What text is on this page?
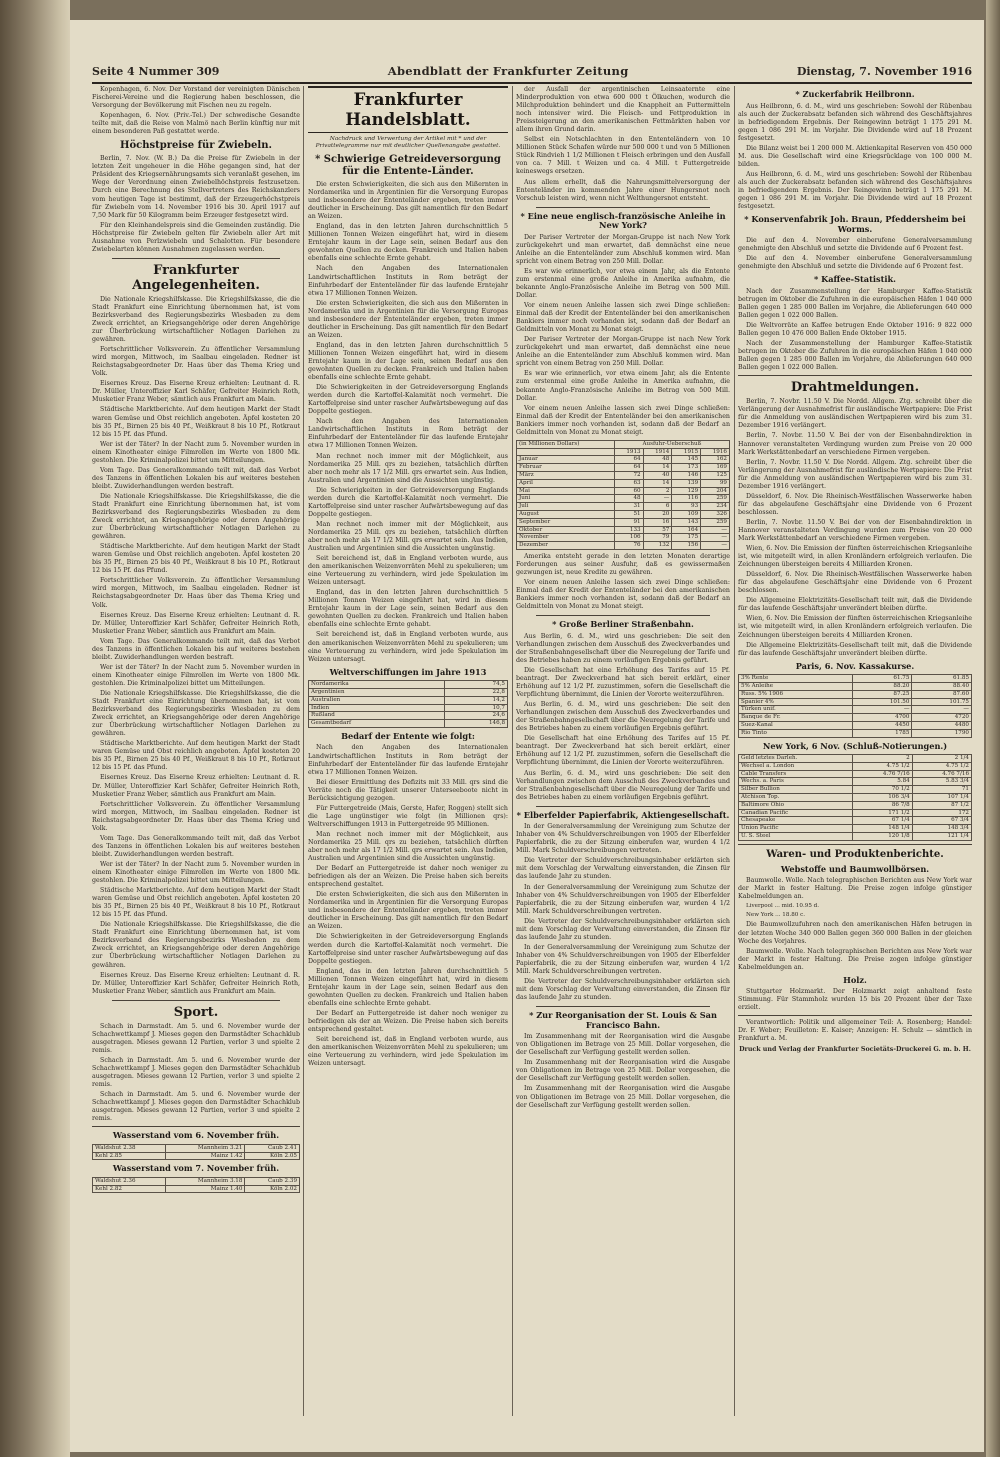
Seite 4 Nummer 309	Abendblatt der Frankfurter Zeitung	Dienstag, 7. November 1916

Kopenhagen, 6. Nov. Der Vorstand der vereinigten Dänischen Fischerei-Vereine und die Regierung haben beschlossen, die Versorgung der Bevölkerung mit Fischen neu zu regeln.

Kopenhagen, 6. Nov. (Priv.-Tel.) Der schwedische Gesandte teilte mit, daß die Reise von Malmö nach Berlin künftig nur mit einem besonderen Paß gestattet werde.

Höchstpreise für Zwiebeln.

Berlin, 7. Nov. (W. B.) Da die Preise für Zwiebeln in der letzten Zeit ungeheuer in die Höhe gegangen sind, hat der Präsident des Kriegsernährungsamts sich veranlaßt gesehen, im Wege der Verordnung einen Zwiebelhöchstpreis festzusetzen. Durch eine Berechnung des Stellvertreters des Reichskanzlers vom heutigen Tage ist bestimmt, daß der Erzeugerhöchstpreis für Zwiebeln vom 14. November 1916 bis 30. April 1917 auf 7,50 Mark für 50 Kilogramm beim Erzeuger festgesetzt wird.

Für den Kleinhandelspreis sind die Gemeinden zuständig. Die Höchstpreise für Zwiebeln gelten für Zwiebeln aller Art mit Ausnahme von Perlzwiebeln und Schalotten. Für besondere Zwiebelarten können Ausnahmen zugelassen werden.

Frankfurter Angelegenheiten.

Die Nationale Kriegshilfskasse. Die Kriegshilfskasse, die die Stadt Frankfurt eine Einrichtung übernommen hat, ist vom Bezirksverband des Regierungsbezirks Wiesbaden zu dem Zweck errichtet, an Kriegsangehörige oder deren Angehörige zur Überbrückung wirtschaftlicher Notlagen Darlehen zu gewähren.

Fortschrittlicher Volksverein. Zu öffentlicher Versammlung wird morgen, Mittwoch, im Saalbau eingeladen. Redner ist Reichstagsabgeordneter Dr. Haas über das Thema Krieg und Volk.

Eisernes Kreuz. Das Eiserne Kreuz erhielten: Leutnant d. R. Dr. Müller, Unteroffizier Karl Schäfer, Gefreiter Heinrich Roth, Musketier Franz Weber, sämtlich aus Frankfurt am Main.

Städtische Marktberichte. Auf dem heutigen Markt der Stadt waren Gemüse und Obst reichlich angeboten. Äpfel kosteten 20 bis 35 Pf., Birnen 25 bis 40 Pf., Weißkraut 8 bis 10 Pf., Rotkraut 12 bis 15 Pf. das Pfund.

Wer ist der Täter? In der Nacht zum 5. November wurden in einem Kinotheater einige Filmrollen im Werte von 1800 Mk. gestohlen. Die Kriminalpolizei bittet um Mitteilungen.

Vom Tage. Das Generalkommando teilt mit, daß das Verbot des Tanzens in öffentlichen Lokalen bis auf weiteres bestehen bleibt. Zuwiderhandlungen werden bestraft.

Die Nationale Kriegshilfskasse. Die Kriegshilfskasse, die die Stadt Frankfurt eine Einrichtung übernommen hat, ist vom Bezirksverband des Regierungsbezirks Wiesbaden zu dem Zweck errichtet, an Kriegsangehörige oder deren Angehörige zur Überbrückung wirtschaftlicher Notlagen Darlehen zu gewähren.

Städtische Marktberichte. Auf dem heutigen Markt der Stadt waren Gemüse und Obst reichlich angeboten. Äpfel kosteten 20 bis 35 Pf., Birnen 25 bis 40 Pf., Weißkraut 8 bis 10 Pf., Rotkraut 12 bis 15 Pf. das Pfund.

Fortschrittlicher Volksverein. Zu öffentlicher Versammlung wird morgen, Mittwoch, im Saalbau eingeladen. Redner ist Reichstagsabgeordneter Dr. Haas über das Thema Krieg und Volk.

Eisernes Kreuz. Das Eiserne Kreuz erhielten: Leutnant d. R. Dr. Müller, Unteroffizier Karl Schäfer, Gefreiter Heinrich Roth, Musketier Franz Weber, sämtlich aus Frankfurt am Main.

Vom Tage. Das Generalkommando teilt mit, daß das Verbot des Tanzens in öffentlichen Lokalen bis auf weiteres bestehen bleibt. Zuwiderhandlungen werden bestraft.

Wer ist der Täter? In der Nacht zum 5. November wurden in einem Kinotheater einige Filmrollen im Werte von 1800 Mk. gestohlen. Die Kriminalpolizei bittet um Mitteilungen.

Die Nationale Kriegshilfskasse. Die Kriegshilfskasse, die die Stadt Frankfurt eine Einrichtung übernommen hat, ist vom Bezirksverband des Regierungsbezirks Wiesbaden zu dem Zweck errichtet, an Kriegsangehörige oder deren Angehörige zur Überbrückung wirtschaftlicher Notlagen Darlehen zu gewähren.

Städtische Marktberichte. Auf dem heutigen Markt der Stadt waren Gemüse und Obst reichlich angeboten. Äpfel kosteten 20 bis 35 Pf., Birnen 25 bis 40 Pf., Weißkraut 8 bis 10 Pf., Rotkraut 12 bis 15 Pf. das Pfund.

Eisernes Kreuz. Das Eiserne Kreuz erhielten: Leutnant d. R. Dr. Müller, Unteroffizier Karl Schäfer, Gefreiter Heinrich Roth, Musketier Franz Weber, sämtlich aus Frankfurt am Main.

Fortschrittlicher Volksverein. Zu öffentlicher Versammlung wird morgen, Mittwoch, im Saalbau eingeladen. Redner ist Reichstagsabgeordneter Dr. Haas über das Thema Krieg und Volk.

Vom Tage. Das Generalkommando teilt mit, daß das Verbot des Tanzens in öffentlichen Lokalen bis auf weiteres bestehen bleibt. Zuwiderhandlungen werden bestraft.

Wer ist der Täter? In der Nacht zum 5. November wurden in einem Kinotheater einige Filmrollen im Werte von 1800 Mk. gestohlen. Die Kriminalpolizei bittet um Mitteilungen.

Städtische Marktberichte. Auf dem heutigen Markt der Stadt waren Gemüse und Obst reichlich angeboten. Äpfel kosteten 20 bis 35 Pf., Birnen 25 bis 40 Pf., Weißkraut 8 bis 10 Pf., Rotkraut 12 bis 15 Pf. das Pfund.

Die Nationale Kriegshilfskasse. Die Kriegshilfskasse, die die Stadt Frankfurt eine Einrichtung übernommen hat, ist vom Bezirksverband des Regierungsbezirks Wiesbaden zu dem Zweck errichtet, an Kriegsangehörige oder deren Angehörige zur Überbrückung wirtschaftlicher Notlagen Darlehen zu gewähren.

Eisernes Kreuz. Das Eiserne Kreuz erhielten: Leutnant d. R. Dr. Müller, Unteroffizier Karl Schäfer, Gefreiter Heinrich Roth, Musketier Franz Weber, sämtlich aus Frankfurt am Main.

Sport.

Schach in Darmstadt. Am 5. und 6. November wurde der Schachwettkampf J. Mieses gegen den Darmstädter Schachklub ausgetragen. Mieses gewann 12 Partien, verlor 3 und spielte 2 remis.

Schach in Darmstadt. Am 5. und 6. November wurde der Schachwettkampf J. Mieses gegen den Darmstädter Schachklub ausgetragen. Mieses gewann 12 Partien, verlor 3 und spielte 2 remis.

Schach in Darmstadt. Am 5. und 6. November wurde der Schachwettkampf J. Mieses gegen den Darmstädter Schachklub ausgetragen. Mieses gewann 12 Partien, verlor 3 und spielte 2 remis.

Wasserstand vom 6. November früh.
Waldshut 2.38	Mannheim 3.21	Caub 2.41
Kehl 2.85	Mainz 1.42	Köln 2.05
Wasserstand vom 7. November früh.
Waldshut 2.36	Mannheim 3.18	Caub 2.39
Kehl 2.82	Mainz 1.40	Köln 2.02
Frankfurter Handelsblatt.
Nachdruck und Verwertung der Artikel mit * und der Privattelegramme nur mit deutlicher Quellenangabe gestattet.
* Schwierige Getreideversorgung für die Entente-Länder.

Die ersten Schwierigkeiten, die sich aus den Mißernten in Nordamerika und in Argentinien für die Versorgung Europas und insbesondere der Ententeländer ergeben, treten immer deutlicher in Erscheinung. Das gilt namentlich für den Bedarf an Weizen.

England, das in den letzten Jahren durchschnittlich 5 Millionen Tonnen Weizen eingeführt hat, wird in diesem Erntejahr kaum in der Lage sein, seinen Bedarf aus den gewohnten Quellen zu decken. Frankreich und Italien haben ebenfalls eine schlechte Ernte gehabt.

Nach den Angaben des Internationalen Landwirtschaftlichen Instituts in Rom beträgt der Einfuhrbedarf der Ententeländer für das laufende Erntejahr etwa 17 Millionen Tonnen Weizen.

Die ersten Schwierigkeiten, die sich aus den Mißernten in Nordamerika und in Argentinien für die Versorgung Europas und insbesondere der Ententeländer ergeben, treten immer deutlicher in Erscheinung. Das gilt namentlich für den Bedarf an Weizen.

England, das in den letzten Jahren durchschnittlich 5 Millionen Tonnen Weizen eingeführt hat, wird in diesem Erntejahr kaum in der Lage sein, seinen Bedarf aus den gewohnten Quellen zu decken. Frankreich und Italien haben ebenfalls eine schlechte Ernte gehabt.

Die Schwierigkeiten in der Getreideversorgung Englands werden durch die Kartoffel-Kalamität noch vermehrt. Die Kartoffelpreise sind unter rascher Aufwärtsbewegung auf das Doppelte gestiegen.

Nach den Angaben des Internationalen Landwirtschaftlichen Instituts in Rom beträgt der Einfuhrbedarf der Ententeländer für das laufende Erntejahr etwa 17 Millionen Tonnen Weizen.

Man rechnet noch immer mit der Möglichkeit, aus Nordamerika 25 Mill. qrs zu beziehen, tatsächlich dürften aber noch mehr als 17 1/2 Mill. qrs erwartet sein. Aus Indien, Australien und Argentinien sind die Aussichten ungünstig.

Die Schwierigkeiten in der Getreideversorgung Englands werden durch die Kartoffel-Kalamität noch vermehrt. Die Kartoffelpreise sind unter rascher Aufwärtsbewegung auf das Doppelte gestiegen.

Man rechnet noch immer mit der Möglichkeit, aus Nordamerika 25 Mill. qrs zu beziehen, tatsächlich dürften aber noch mehr als 17 1/2 Mill. qrs erwartet sein. Aus Indien, Australien und Argentinien sind die Aussichten ungünstig.

Seit bereichend ist, daß in England verboten wurde, aus den amerikanischen Weizenvorräten Mehl zu spekulieren; um eine Verteuerung zu verhindern, wird jede Spekulation im Weizen untersagt.

England, das in den letzten Jahren durchschnittlich 5 Millionen Tonnen Weizen eingeführt hat, wird in diesem Erntejahr kaum in der Lage sein, seinen Bedarf aus den gewohnten Quellen zu decken. Frankreich und Italien haben ebenfalls eine schlechte Ernte gehabt.

Seit bereichend ist, daß in England verboten wurde, aus den amerikanischen Weizenvorräten Mehl zu spekulieren; um eine Verteuerung zu verhindern, wird jede Spekulation im Weizen untersagt.

Weltverschiffungen im Jahre 1913
Nordamerika	74,5
Argentinien	22,8
Australien	14,2
Indien	10,7
Rußland	24,6
Gesamtbedarf	146,8
Bedarf der Entente wie folgt:

Nach den Angaben des Internationalen Landwirtschaftlichen Instituts in Rom beträgt der Einfuhrbedarf der Ententeländer für das laufende Erntejahr etwa 17 Millionen Tonnen Weizen.

Bei dieser Ermittlung des Defizits mit 33 Mill. qrs sind die Vorräte noch die Tätigkeit unserer Unterseeboote nicht in Berücksichtigung gezogen.

Für Futtergetreide (Mais, Gerste, Hafer, Roggen) stellt sich die Lage ungünstiger wie folgt (in Millionen qrs): Weltverschiffungen 1913 in Futtergetreide 95 Millionen.

Man rechnet noch immer mit der Möglichkeit, aus Nordamerika 25 Mill. qrs zu beziehen, tatsächlich dürften aber noch mehr als 17 1/2 Mill. qrs erwartet sein. Aus Indien, Australien und Argentinien sind die Aussichten ungünstig.

Der Bedarf an Futtergetreide ist daher noch weniger zu befriedigen als der an Weizen. Die Preise haben sich bereits entsprechend gestaltet.

Die ersten Schwierigkeiten, die sich aus den Mißernten in Nordamerika und in Argentinien für die Versorgung Europas und insbesondere der Ententeländer ergeben, treten immer deutlicher in Erscheinung. Das gilt namentlich für den Bedarf an Weizen.

Die Schwierigkeiten in der Getreideversorgung Englands werden durch die Kartoffel-Kalamität noch vermehrt. Die Kartoffelpreise sind unter rascher Aufwärtsbewegung auf das Doppelte gestiegen.

England, das in den letzten Jahren durchschnittlich 5 Millionen Tonnen Weizen eingeführt hat, wird in diesem Erntejahr kaum in der Lage sein, seinen Bedarf aus den gewohnten Quellen zu decken. Frankreich und Italien haben ebenfalls eine schlechte Ernte gehabt.

Der Bedarf an Futtergetreide ist daher noch weniger zu befriedigen als der an Weizen. Die Preise haben sich bereits entsprechend gestaltet.

Seit bereichend ist, daß in England verboten wurde, aus den amerikanischen Weizenvorräten Mehl zu spekulieren; um eine Verteuerung zu verhindern, wird jede Spekulation im Weizen untersagt.

der Ausfall der argentinischen Leinsaaternte eine Minderproduktion von etwa 600 000 t Ölkuchen, wodurch die Milchproduktion behindert und die Knappheit an Futtermitteln noch intensiver wird. Die Fleisch- und Fettproduktion in Preissteigerung an den amerikanischen Fettmärkten haben vor allem ihren Grund darin.

Selbst ein Notschlachten in den Ententeländern von 10 Millionen Stück Schafen würde nur 500 000 t und von 5 Millionen Stück Rindvieh 1 1/2 Millionen t Fleisch erbringen und den Ausfall von ca. 7 Mill. t Weizen und ca. 4 Mill. t Futtergetreide keineswegs ersetzen.

Aus allem erhellt, daß die Nahrungsmittelversorgung der Ententeländer im kommenden Jahre einer Hungersnot noch Vorschub leisten wird, wenn nicht Welthungersnot entsteht.

* Eine neue englisch-französische Anleihe in New York?

Der Pariser Vertreter der Morgan-Gruppe ist nach New York zurückgekehrt und man erwartet, daß demnächst eine neue Anleihe an die Ententeländer zum Abschluß kommen wird. Man spricht von einem Betrag von 250 Mill. Dollar.

Es war wie erinnerlich, vor etwa einem Jahr, als die Entente zum erstenmal eine große Anleihe in Amerika aufnahm, die bekannte Anglo-Französische Anleihe im Betrag von 500 Mill. Dollar.

Vor einem neuen Anleihe lassen sich zwei Dinge schließen: Einmal daß der Kredit der Ententeländer bei den amerikanischen Bankiers immer noch vorhanden ist, sodann daß der Bedarf an Geldmitteln von Monat zu Monat steigt.

Der Pariser Vertreter der Morgan-Gruppe ist nach New York zurückgekehrt und man erwartet, daß demnächst eine neue Anleihe an die Ententeländer zum Abschluß kommen wird. Man spricht von einem Betrag von 250 Mill. Dollar.

Es war wie erinnerlich, vor etwa einem Jahr, als die Entente zum erstenmal eine große Anleihe in Amerika aufnahm, die bekannte Anglo-Französische Anleihe im Betrag von 500 Mill. Dollar.

Vor einem neuen Anleihe lassen sich zwei Dinge schließen: Einmal daß der Kredit der Ententeländer bei den amerikanischen Bankiers immer noch vorhanden ist, sodann daß der Bedarf an Geldmitteln von Monat zu Monat steigt.

(in Millionen Dollars)	Ausfuhr-Ueberschuß			
	1913	1914	1915	1916
Januar	64	48	145	162
Februar	64	14	173	169
März	72	40	146	125
April	63	14	139	99
Mai	60	2	129	204
Juni	48	—	116	259
Juli	31	6	93	234
August	51	20	109	326
September	91	16	143	259
Oktober	133	57	164	—
November	106	79	175	—
Dezember	76	132	156	—

Amerika entsteht gerade in den letzten Monaten derartige Forderungen aus seiner Ausfuhr, daß es gewissermaßen gezwungen ist, neue Kredite zu gewähren.

Vor einem neuen Anleihe lassen sich zwei Dinge schließen: Einmal daß der Kredit der Ententeländer bei den amerikanischen Bankiers immer noch vorhanden ist, sodann daß der Bedarf an Geldmitteln von Monat zu Monat steigt.

* Große Berliner Straßenbahn.

Aus Berlin, 6. d. M., wird uns geschrieben: Die seit den Verhandlungen zwischen dem Ausschuß des Zweckverbandes und der Straßenbahngesellschaft über die Neuregelung der Tarife und des Betriebes haben zu einem vorläufigen Ergebnis geführt.

Die Gesellschaft hat eine Erhöhung des Tarifes auf 15 Pf. beantragt. Der Zweckverband hat sich bereit erklärt, einer Erhöhung auf 12 1/2 Pf. zuzustimmen, sofern die Gesellschaft die Verpflichtung übernimmt, die Linien der Vororte weiterzuführen.

Aus Berlin, 6. d. M., wird uns geschrieben: Die seit den Verhandlungen zwischen dem Ausschuß des Zweckverbandes und der Straßenbahngesellschaft über die Neuregelung der Tarife und des Betriebes haben zu einem vorläufigen Ergebnis geführt.

Die Gesellschaft hat eine Erhöhung des Tarifes auf 15 Pf. beantragt. Der Zweckverband hat sich bereit erklärt, einer Erhöhung auf 12 1/2 Pf. zuzustimmen, sofern die Gesellschaft die Verpflichtung übernimmt, die Linien der Vororte weiterzuführen.

Aus Berlin, 6. d. M., wird uns geschrieben: Die seit den Verhandlungen zwischen dem Ausschuß des Zweckverbandes und der Straßenbahngesellschaft über die Neuregelung der Tarife und des Betriebes haben zu einem vorläufigen Ergebnis geführt.

* Elberfelder Papierfabrik, Aktiengesellschaft.

In der Generalversammlung der Vereinigung zum Schutze der Inhaber von 4% Schuldverschreibungen von 1905 der Elberfelder Papierfabrik, die zu der Sitzung einberufen war, wurden 4 1/2 Mill. Mark Schuldverschreibungen vertreten.

Die Vertreter der Schuldverschreibungsinhaber erklärten sich mit dem Vorschlag der Verwaltung einverstanden, die Zinsen für das laufende Jahr zu stunden.

In der Generalversammlung der Vereinigung zum Schutze der Inhaber von 4% Schuldverschreibungen von 1905 der Elberfelder Papierfabrik, die zu der Sitzung einberufen war, wurden 4 1/2 Mill. Mark Schuldverschreibungen vertreten.

Die Vertreter der Schuldverschreibungsinhaber erklärten sich mit dem Vorschlag der Verwaltung einverstanden, die Zinsen für das laufende Jahr zu stunden.

In der Generalversammlung der Vereinigung zum Schutze der Inhaber von 4% Schuldverschreibungen von 1905 der Elberfelder Papierfabrik, die zu der Sitzung einberufen war, wurden 4 1/2 Mill. Mark Schuldverschreibungen vertreten.

Die Vertreter der Schuldverschreibungsinhaber erklärten sich mit dem Vorschlag der Verwaltung einverstanden, die Zinsen für das laufende Jahr zu stunden.

* Zur Reorganisation der St. Louis & San Francisco Bahn.

Im Zusammenhang mit der Reorganisation wird die Ausgabe von Obligationen im Betrage von 25 Mill. Dollar vorgesehen, die der Gesellschaft zur Verfügung gestellt werden sollen.

Im Zusammenhang mit der Reorganisation wird die Ausgabe von Obligationen im Betrage von 25 Mill. Dollar vorgesehen, die der Gesellschaft zur Verfügung gestellt werden sollen.

Im Zusammenhang mit der Reorganisation wird die Ausgabe von Obligationen im Betrage von 25 Mill. Dollar vorgesehen, die der Gesellschaft zur Verfügung gestellt werden sollen.

* Zuckerfabrik Heilbronn.

Aus Heilbronn, 6. d. M., wird uns geschrieben: Sowohl der Rübenbau als auch der Zuckerabsatz befanden sich während des Geschäftsjahres in befriedigendem Ergebnis. Der Reingewinn beträgt 1 175 291 M. gegen 1 086 291 M. im Vorjahr. Die Dividende wird auf 18 Prozent festgesetzt.

Die Bilanz weist bei 1 200 000 M. Aktienkapital Reserven von 450 000 M. aus. Die Gesellschaft wird eine Kriegsrücklage von 100 000 M. bilden.

Aus Heilbronn, 6. d. M., wird uns geschrieben: Sowohl der Rübenbau als auch der Zuckerabsatz befanden sich während des Geschäftsjahres in befriedigendem Ergebnis. Der Reingewinn beträgt 1 175 291 M. gegen 1 086 291 M. im Vorjahr. Die Dividende wird auf 18 Prozent festgesetzt.

* Konservenfabrik Joh. Braun, Pfeddersheim bei Worms.

Die auf den 4. November einberufene Generalversammlung genehmigte den Abschluß und setzte die Dividende auf 6 Prozent fest.

Die auf den 4. November einberufene Generalversammlung genehmigte den Abschluß und setzte die Dividende auf 6 Prozent fest.

* Kaffee-Statistik.

Nach der Zusammenstellung der Hamburger Kaffee-Statistik betrugen im Oktober die Zufuhren in die europäischen Häfen 1 040 000 Ballen gegen 1 285 000 Ballen im Vorjahre, die Ablieferungen 640 000 Ballen gegen 1 022 000 Ballen.

Die Weltvorräte an Kaffee betrugen Ende Oktober 1916: 9 822 000 Ballen gegen 10 476 000 Ballen Ende Oktober 1915.

Nach der Zusammenstellung der Hamburger Kaffee-Statistik betrugen im Oktober die Zufuhren in die europäischen Häfen 1 040 000 Ballen gegen 1 285 000 Ballen im Vorjahre, die Ablieferungen 640 000 Ballen gegen 1 022 000 Ballen.

Drahtmeldungen.

Berlin, 7. Novbr. 11.50 V. Die Nordd. Allgem. Ztg. schreibt über die Verlängerung der Ausnahmefrist für ausländische Wertpapiere: Die Frist für die Anmeldung von ausländischen Wertpapieren wird bis zum 31. Dezember 1916 verlängert.

Berlin, 7. Novbr. 11.50 V. Bei der von der Eisenbahndirektion in Hannover veranstalteten Verdingung wurden zum Preise von 20 000 Mark Werkstättenbedarf an verschiedene Firmen vergeben.

Berlin, 7. Novbr. 11.50 V. Die Nordd. Allgem. Ztg. schreibt über die Verlängerung der Ausnahmefrist für ausländische Wertpapiere: Die Frist für die Anmeldung von ausländischen Wertpapieren wird bis zum 31. Dezember 1916 verlängert.

Düsseldorf, 6. Nov. Die Rheinisch-Westfälischen Wasserwerke haben für das abgelaufene Geschäftsjahr eine Dividende von 6 Prozent beschlossen.

Berlin, 7. Novbr. 11.50 V. Bei der von der Eisenbahndirektion in Hannover veranstalteten Verdingung wurden zum Preise von 20 000 Mark Werkstättenbedarf an verschiedene Firmen vergeben.

Wien, 6. Nov. Die Emission der fünften österreichischen Kriegsanleihe ist, wie mitgeteilt wird, in allen Kronländern erfolgreich verlaufen. Die Zeichnungen übersteigen bereits 4 Milliarden Kronen.

Düsseldorf, 6. Nov. Die Rheinisch-Westfälischen Wasserwerke haben für das abgelaufene Geschäftsjahr eine Dividende von 6 Prozent beschlossen.

Die Allgemeine Elektrizitäts-Gesellschaft teilt mit, daß die Dividende für das laufende Geschäftsjahr unverändert bleiben dürfte.

Wien, 6. Nov. Die Emission der fünften österreichischen Kriegsanleihe ist, wie mitgeteilt wird, in allen Kronländern erfolgreich verlaufen. Die Zeichnungen übersteigen bereits 4 Milliarden Kronen.

Die Allgemeine Elektrizitäts-Gesellschaft teilt mit, daß die Dividende für das laufende Geschäftsjahr unverändert bleiben dürfte.

Paris, 6. Nov. Kassakurse.
3% Rente	61.75	61.85
5% Anleihe	88.20	88.40
Russ. 5% 1906	87.25	87.60
Spanier 4%	101.50	101.75
Türken unif.	—	—
Banque de Fr.	4700	4720
Suez-Kanal	4450	4480
Rio Tinto	1785	1790
New York, 6 Nov. (Schluß-Notierungen.)
Geld letztes Darleh.	2	2 1/4
Wechsel a. London	4.75 1/2	4.75 1/2
Cable Transfers	4.76 7/16	4.76 7/16
Wechs. a. Paris	5.84	5.83 3/4
Silber Bullion	70 1/2	71
Atchison Top.	106 3/4	107 1/4
Baltimore Ohio	86 7/8	87 1/2
Canadian Pacific	171 1/2	172
Chesapeake	67 1/4	67 3/4
Union Pacific	148 1/4	148 3/4
U. S. Steel	120 1/8	121 1/4
Waren- und Produktenberichte.
Webstoffe und Baumwollbörsen.

Baumwolle. Wolle. Nach telegraphischen Berichten aus New York war der Markt in fester Haltung. Die Preise zogen infolge günstiger Kabelmeldungen an.

Liverpool ... mid. 10.95 d.

New York ... 18.80 c.

Die Baumwollzufuhren nach den amerikanischen Häfen betrugen in der letzten Woche 340 000 Ballen gegen 360 000 Ballen in der gleichen Woche des Vorjahres.

Baumwolle. Wolle. Nach telegraphischen Berichten aus New York war der Markt in fester Haltung. Die Preise zogen infolge günstiger Kabelmeldungen an.

Holz.

Stuttgarter Holzmarkt. Der Holzmarkt zeigt anhaltend feste Stimmung. Für Stammholz wurden 15 bis 20 Prozent über der Taxe erzielt.

Verantwortlich: Politik und allgemeiner Teil: A. Rosenberg; Handel: Dr. F. Weber; Feuilleton: E. Kaiser; Anzeigen: H. Schulz — sämtlich in Frankfurt a. M.

Druck und Verlag der Frankfurter Societäts-Druckerei G. m. b. H.
